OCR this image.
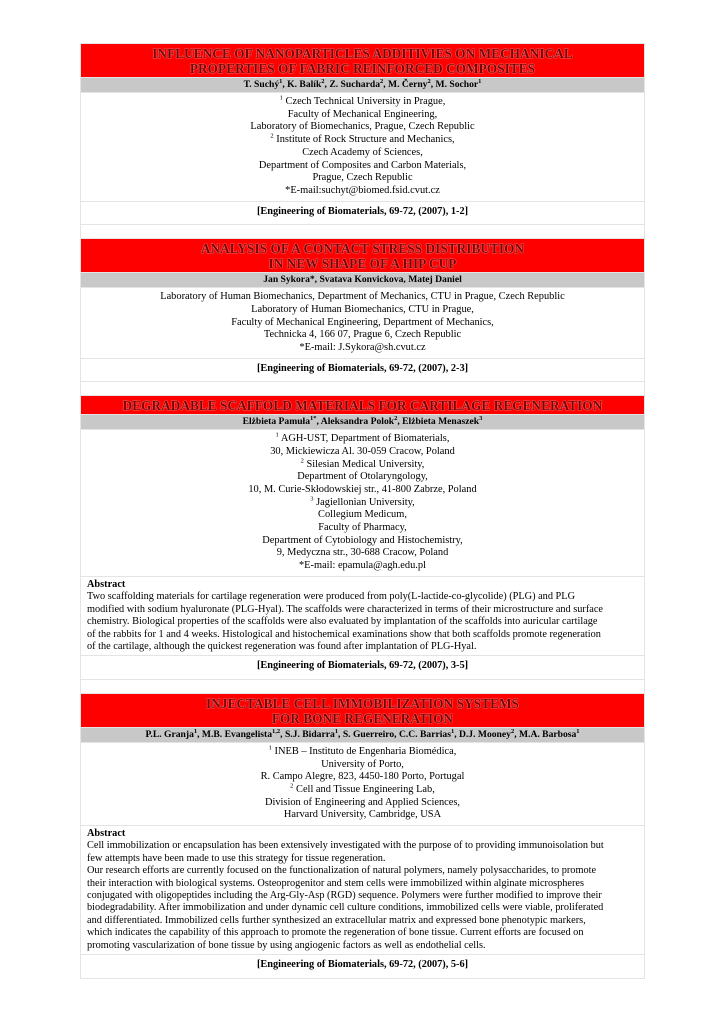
INFLUENCE OF NANOPARTICLES ADDITIVIES ON MECHANICAL
PROPERTIES OF FABRIC REINFORCED COMPOSITES
T. Suchý$^1$, K. Balík$^2$, Z. Sucharda$^2$, M. Černy$^2$, M. Sochor$^1$
$^1$ Czech Technical University in Prague,
Faculty of Mechanical Engineering,
Laboratory of Biomechanics, Prague, Czech Republic
$^2$ Institute of Rock Structure and Mechanics,
Czech Academy of Sciences,
Department of Composites and Carbon Materials,
Prague, Czech Republic
*E-mail:suchyt@biomed.fsid.cvut.cz
[Engineering of Biomaterials, 69-72, (2007), 1-2]
ANALYSIS OF A CONTACT STRESS DISTRIBUTION
IN NEW SHAPE OF A HIP CUP
Jan Sykora*, Svatava Konvickova, Matej Daniel
Laboratory of Human Biomechanics, Department of Mechanics, CTU in Prague, Czech Republic
Laboratory of Human Biomechanics, CTU in Prague,
Faculty of Mechanical Engineering, Department of Mechanics,
Technicka 4, 166 07, Prague 6, Czech Republic
*E-mail: J.Sykora@sh.cvut.cz
[Engineering of Biomaterials, 69-72, (2007), 2-3]
DEGRADABLE SCAFFOLD MATERIALS FOR CARTILAGE REGENERATION
Elżbieta Pamuła$^{1*}$, Aleksandra Polok$^2$, Elżbieta Menaszek$^3$
$^1$ AGH-UST, Department of Biomaterials,
30, Mickiewicza Al. 30-059 Cracow, Poland
$^2$ Silesian Medical University,
Department of Otolaryngology,
10, M. Curie-Skłodowskiej str., 41-800 Zabrze, Poland
$^3$ Jagiellonian University,
Collegium Medicum,
Faculty of Pharmacy,
Department of Cytobiology and Histochemistry,
9, Medyczna str., 30-688 Cracow, Poland
*E-mail: epamula@agh.edu.pl
Abstract
Two scaffolding materials for cartilage regeneration were produced from poly(L-lactide-co-glycolide) (PLG) and PLG
modified with sodium hyaluronate (PLG-Hyal). The scaffolds were characterized in terms of their microstructure and surface
chemistry. Biological properties of the scaffolds were also evaluated by implantation of the scaffolds into auricular cartilage
of the rabbits for 1 and 4 weeks. Histological and histochemical examinations show that both scaffolds promote regeneration
of the cartilage, although the quickest regeneration was found after implantation of PLG-Hyal.
[Engineering of Biomaterials, 69-72, (2007), 3-5]
INJECTABLE CELL IMMOBILIZATION SYSTEMS
FOR BONE REGENERATION
P.L. Granja$^1$, M.B. Evangelista$^{1,2}$, S.J. Bidarra$^1$, S. Guerreiro, C.C. Barrias$^1$, D.J. Mooney$^2$, M.A. Barbosa$^1$
$^1$ INEB – Instituto de Engenharia Biomédica,
University of Porto,
R. Campo Alegre, 823, 4450-180 Porto, Portugal
$^2$ Cell and Tissue Engineering Lab,
Division of Engineering and Applied Sciences,
Harvard University, Cambridge, USA
Abstract
Cell immobilization or encapsulation has been extensively investigated with the purpose of to providing immunoisolation but
few attempts have been made to use this strategy for tissue regeneration.
Our research efforts are currently focused on the functionalization of natural polymers, namely polysaccharides, to promote
their interaction with biological systems. Osteoprogenitor and stem cells were immobilized within alginate microspheres
conjugated with oligopeptides including the Arg-Gly-Asp (RGD) sequence. Polymers were further modified to improve their
biodegradability. After immobilization and under dynamic cell culture conditions, immobilized cells were viable, proliferated
and differentiated. Immobilized cells further synthesized an extracellular matrix and expressed bone phenotypic markers,
which indicates the capability of this approach to promote the regeneration of bone tissue. Current efforts are focused on
promoting vascularization of bone tissue by using angiogenic factors as well as endothelial cells.
[Engineering of Biomaterials, 69-72, (2007), 5-6]
